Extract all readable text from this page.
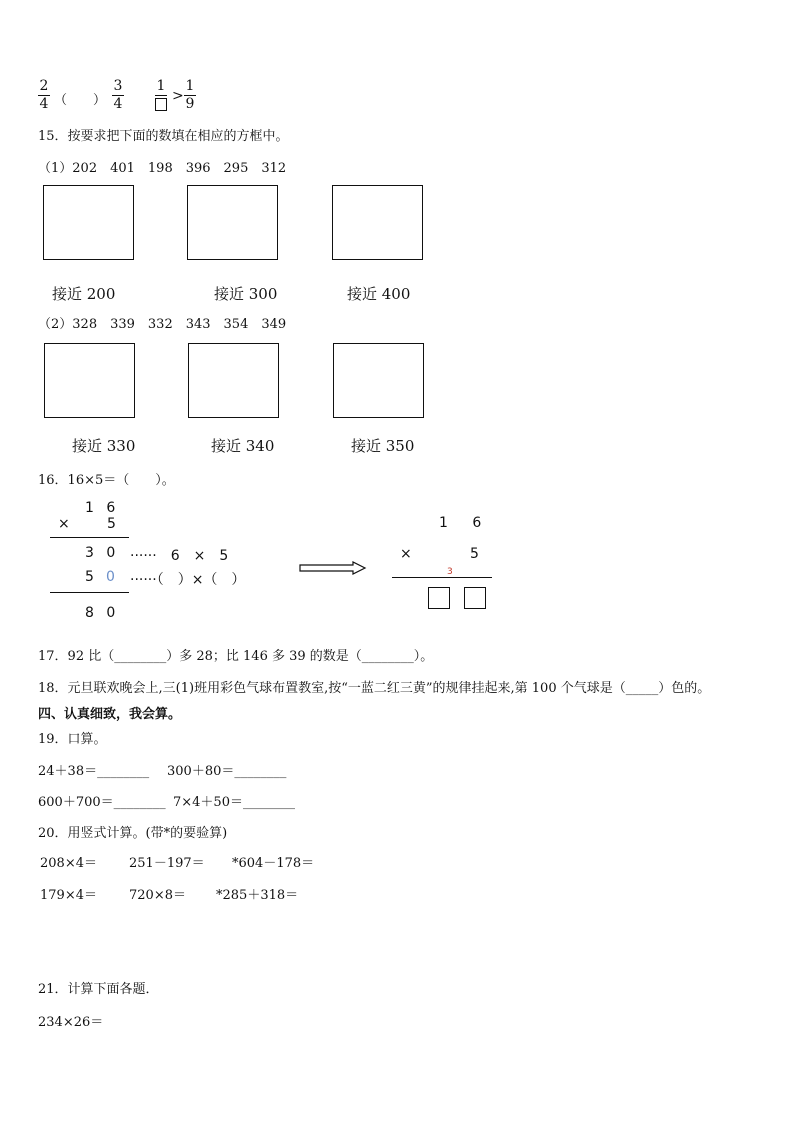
2
4 （　　）
3
4
1
>
1
9
15．按要求把下面的数填在相应的方框中。
（1）202　401　198　396　295　312
接近 200	接近 300	接近 400
（2）328　339　332　343　354　349
接近 330	接近 340	接近 350
16．16×5＝（　　）。
1 6
×	5
3 0 ······　6　×　5
5 0 ······（　）×（　）
8 0
1 6
×	5
3
17．92 比（________）多 28；比 146 多 39 的数是（________）。
18．元旦联欢晚会上,三(1)班用彩色气球布置教室,按“一蓝二红三黄”的规律挂起来,第 100 个气球是（_____）色的。
四、认真细致，我会算。
19．口算。
24＋38＝________ 300＋80＝________
600＋700＝________ 7×4＋50＝________
20．用竖式计算。(带*的要验算)
208×4＝ 251－197＝ *604－178＝
179×4＝ 720×8＝ *285＋318＝
21．计算下面各题．
234×26＝
